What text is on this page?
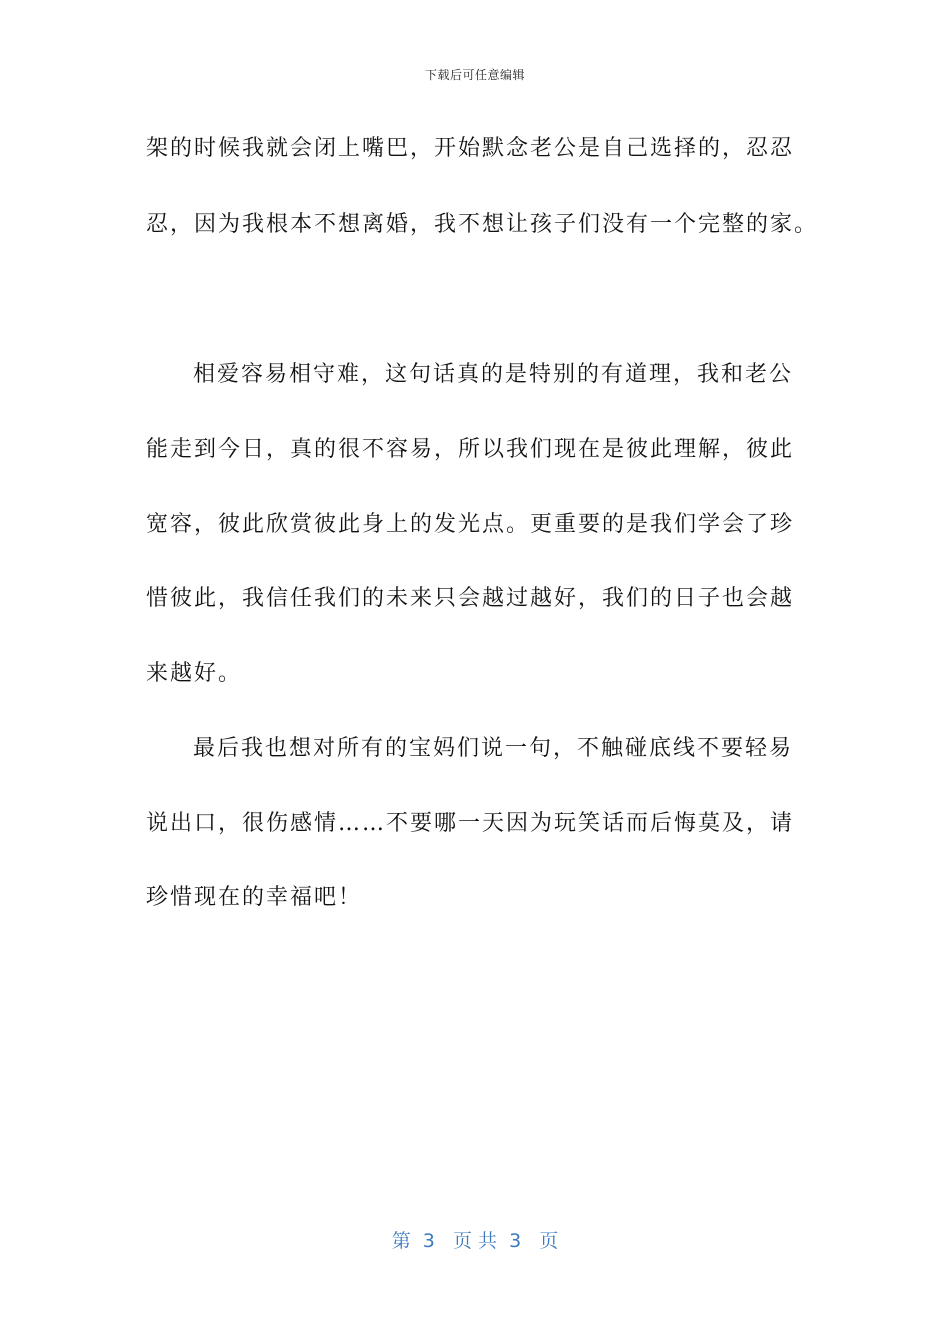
下载后可任意编辑
架的时候我就会闭上嘴巴，开始默念老公是自己选择的，忍忍
忍，因为我根本不想离婚，我不想让孩子们没有一个完整的家。
相爱容易相守难，这句话真的是特别的有道理，我和老公
能走到今日，真的很不容易，所以我们现在是彼此理解，彼此
宽容，彼此欣赏彼此身上的发光点。更重要的是我们学会了珍
惜彼此，我信任我们的未来只会越过越好，我们的日子也会越
来越好。
最后我也想对所有的宝妈们说一句，不触碰底线不要轻易
说出口，很伤感情……不要哪一天因为玩笑话而后悔莫及，请
珍惜现在的幸福吧！
第  3   页 共  3   页
